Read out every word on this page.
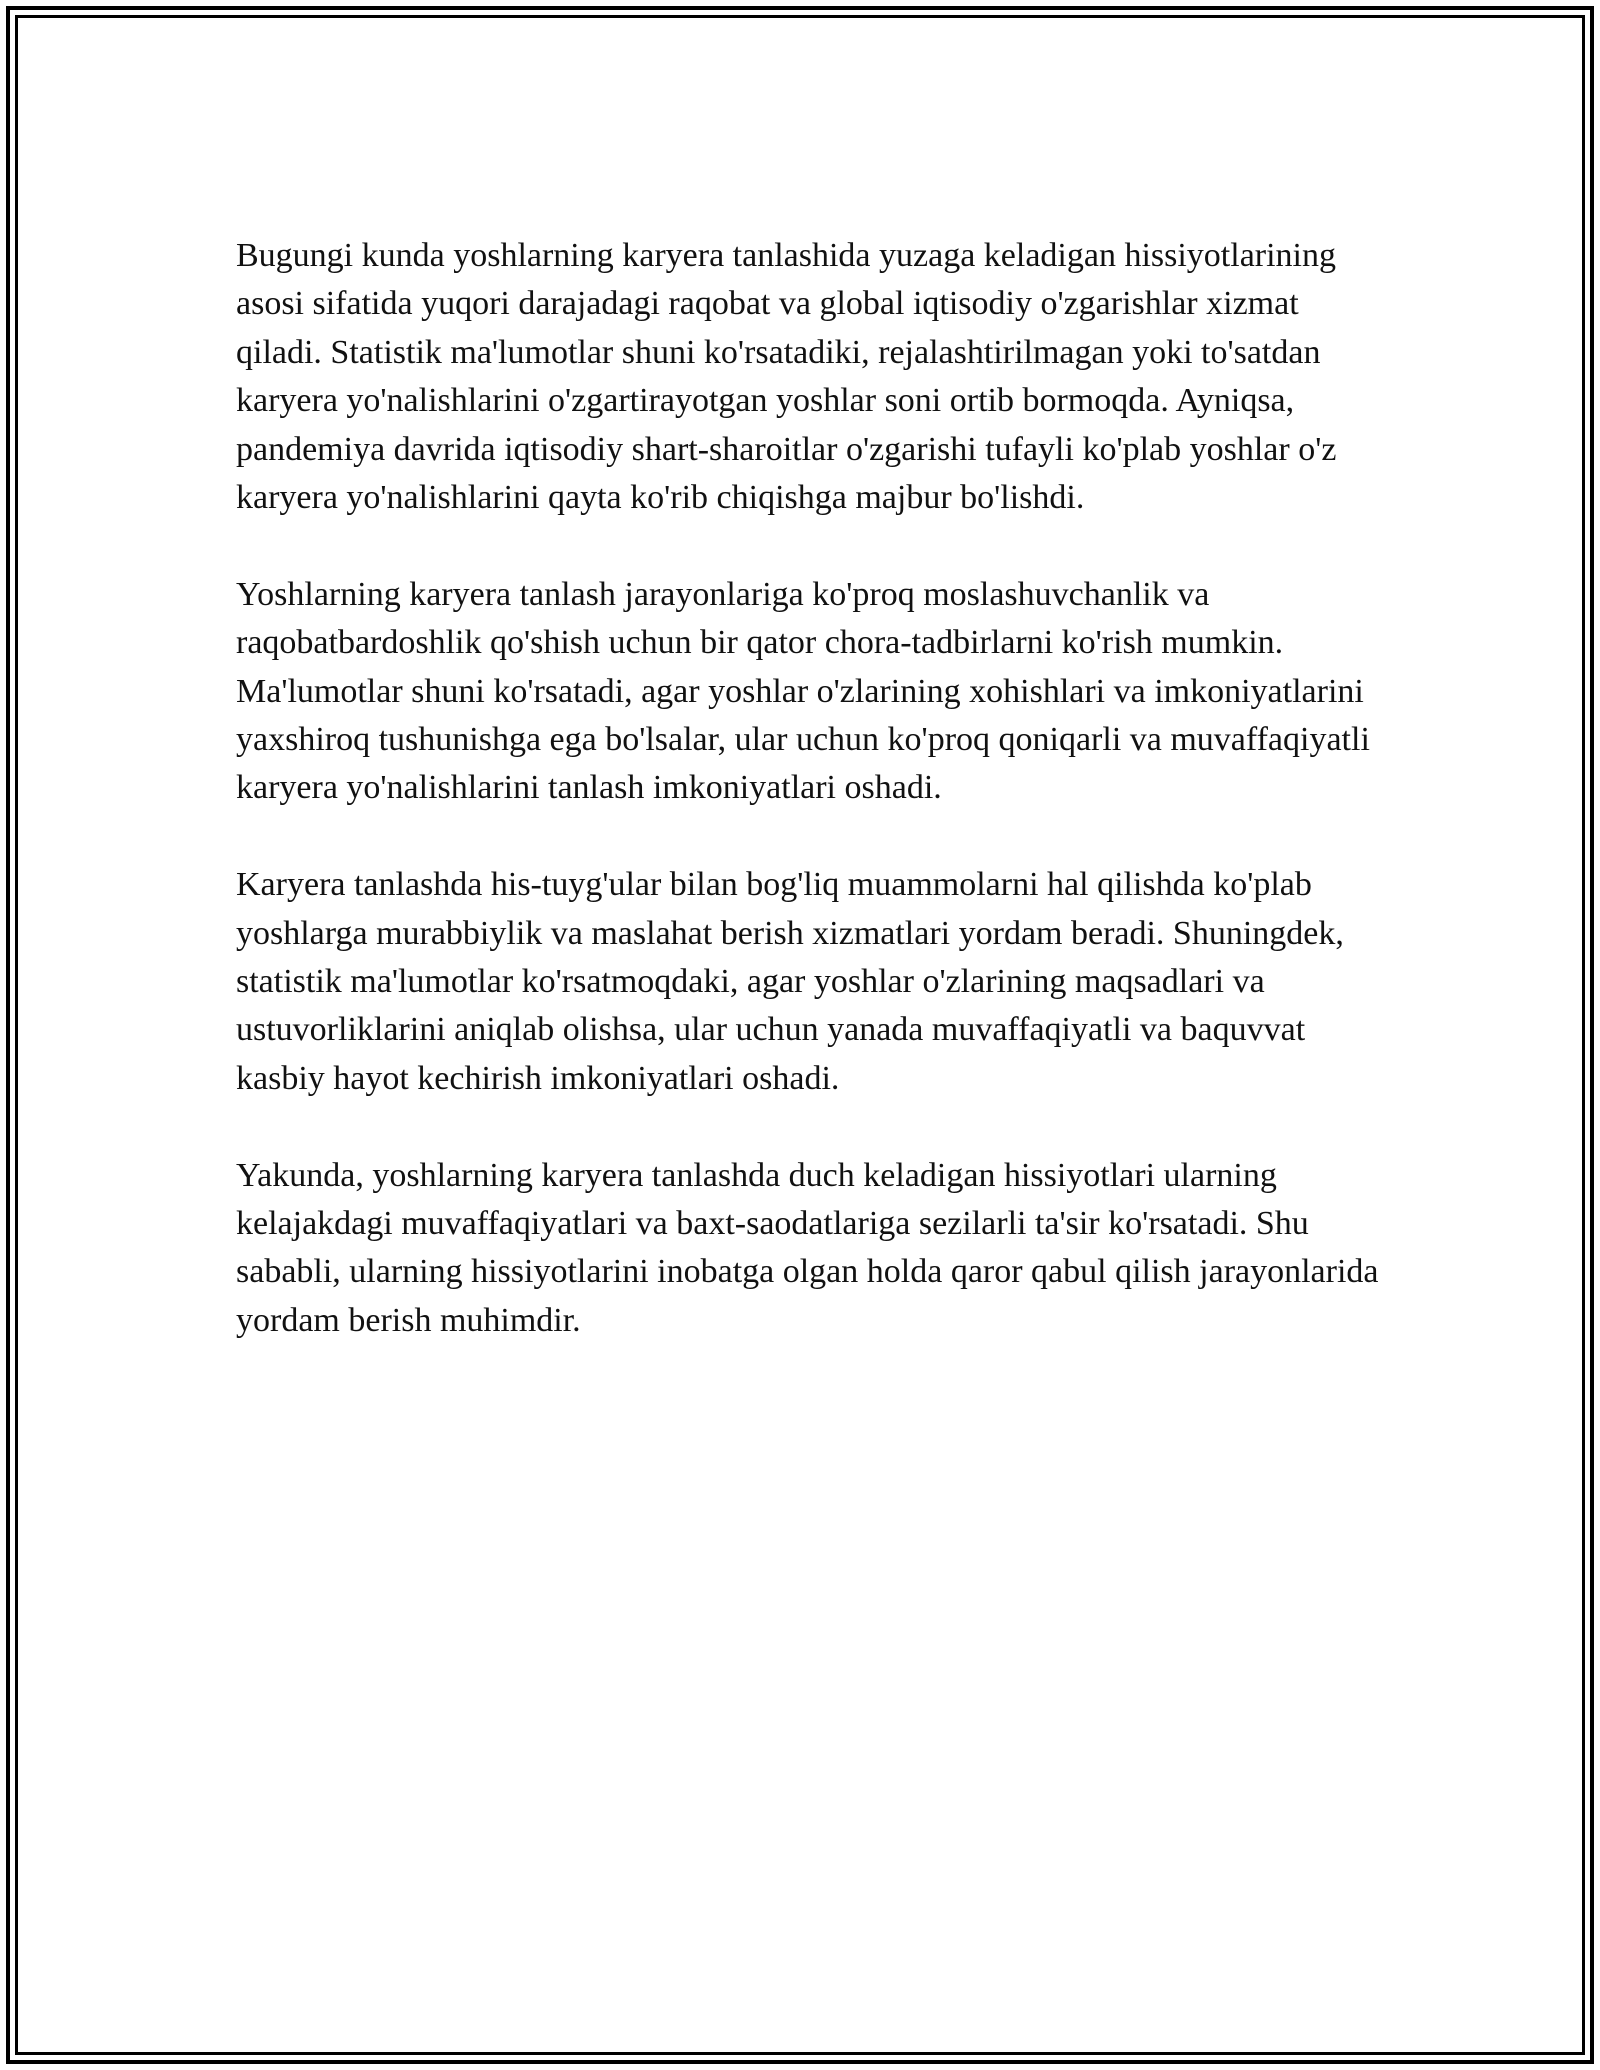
Bugungi kunda yoshlarning karyera tanlashida yuzaga keladigan hissiyotlarining asosi sifatida yuqori darajadagi raqobat va global iqtisodiy o'zgarishlar xizmat qiladi. Statistik ma'lumotlar shuni ko'rsatadiki, rejalashtirilmagan yoki to'satdan karyera yo'nalishlarini o'zgartirayotgan yoshlar soni ortib bormoqda. Ayniqsa, pandemiya davrida iqtisodiy shart-sharoitlar o'zgarishi tufayli ko'plab yoshlar o'z karyera yo'nalishlarini qayta ko'rib chiqishga majbur bo'lishdi.

Yoshlarning karyera tanlash jarayonlariga ko'proq moslashuvchanlik va raqobatbardoshlik qo'shish uchun bir qator chora-tadbirlarni ko'rish mumkin. Ma'lumotlar shuni ko'rsatadi, agar yoshlar o'zlarining xohishlari va imkoniyatlarini yaxshiroq tushunishga ega bo'lsalar, ular uchun ko'proq qoniqarli va muvaffaqiyatli karyera yo'nalishlarini tanlash imkoniyatlari oshadi.

Karyera tanlashda his-tuyg'ular bilan bog'liq muammolarni hal qilishda ko'plab yoshlarga murabbiylik va maslahat berish xizmatlari yordam beradi. Shuningdek, statistik ma'lumotlar ko'rsatmoqdaki, agar yoshlar o'zlarining maqsadlari va ustuvorliklarini aniqlab olishsa, ular uchun yanada muvaffaqiyatli va baquvvat kasbiy hayot kechirish imkoniyatlari oshadi.

Yakunda, yoshlarning karyera tanlashda duch keladigan hissiyotlari ularning kelajakdagi muvaffaqiyatlari va baxt-saodatlariga sezilarli ta'sir ko'rsatadi. Shu sababli, ularning hissiyotlarini inobatga olgan holda qaror qabul qilish jarayonlarida yordam berish muhimdir.
